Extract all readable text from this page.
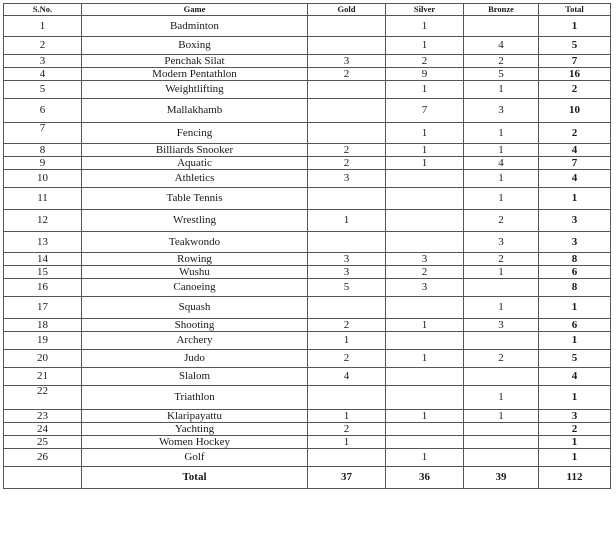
S.No.	Game	Gold	Silver	Bronze	Total
1	Badminton		1		1
2	Boxing		1	4	5
3	Penchak Silat	3	2	2	7
4	Modern Pentathlon	2	9	5	16
5	Weightlifting		1	1	2
6	Mallakhamb		7	3	10
7	Fencing		1	1	2
8	Billiards Snooker	2	1	1	4
9	Aquatic	2	1	4	7
10	Athletics	3		1	4
11	Table Tennis			1	1
12	Wrestling	1		2	3
13	Teakwondo			3	3
14	Rowing	3	3	2	8
15	Wushu	3	2	1	6
16	Canoeing	5	3		8
17	Squash			1	1
18	Shooting	2	1	3	6
19	Archery	1			1
20	Judo	2	1	2	5
21	Slalom	4			4
22	Triathlon			1	1
23	Klaripayattu	1	1	1	3
24	Yachting	2			2
25	Women Hockey	1			1
26	Golf		1		1
	Total	37	36	39	112
